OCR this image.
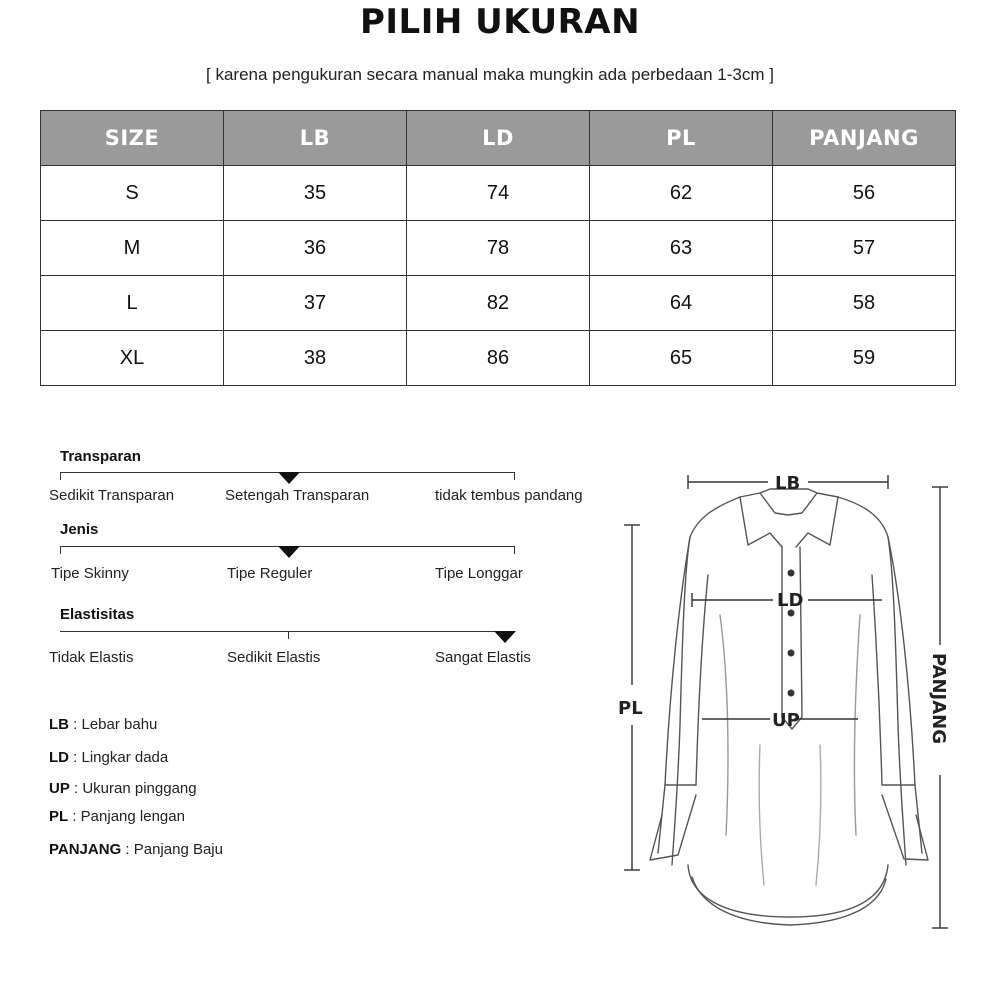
PILIH UKURAN
[ karena pengukuran secara manual maka mungkin ada perbedaan 1-3cm ]
SIZE	LB	LD	PL	PANJANG
S	35	74	62	56
M	36	78	63	57
L	37	82	64	58
XL	38	86	65	59
Transparan
Sedikit Transparan	Setengah Transparan	tidak tembus pandang
Jenis
Tipe Skinny	Tipe Reguler	Tipe Longgar
Elastisitas
Tidak Elastis	Sedikit Elastis	Sangat Elastis
LB : Lebar bahu
LD : Lingkar dada
UP : Ukuran pinggang
PL : Panjang lengan
PANJANG : Panjang Baju
LB
LD
UP
PL	PANJANG
